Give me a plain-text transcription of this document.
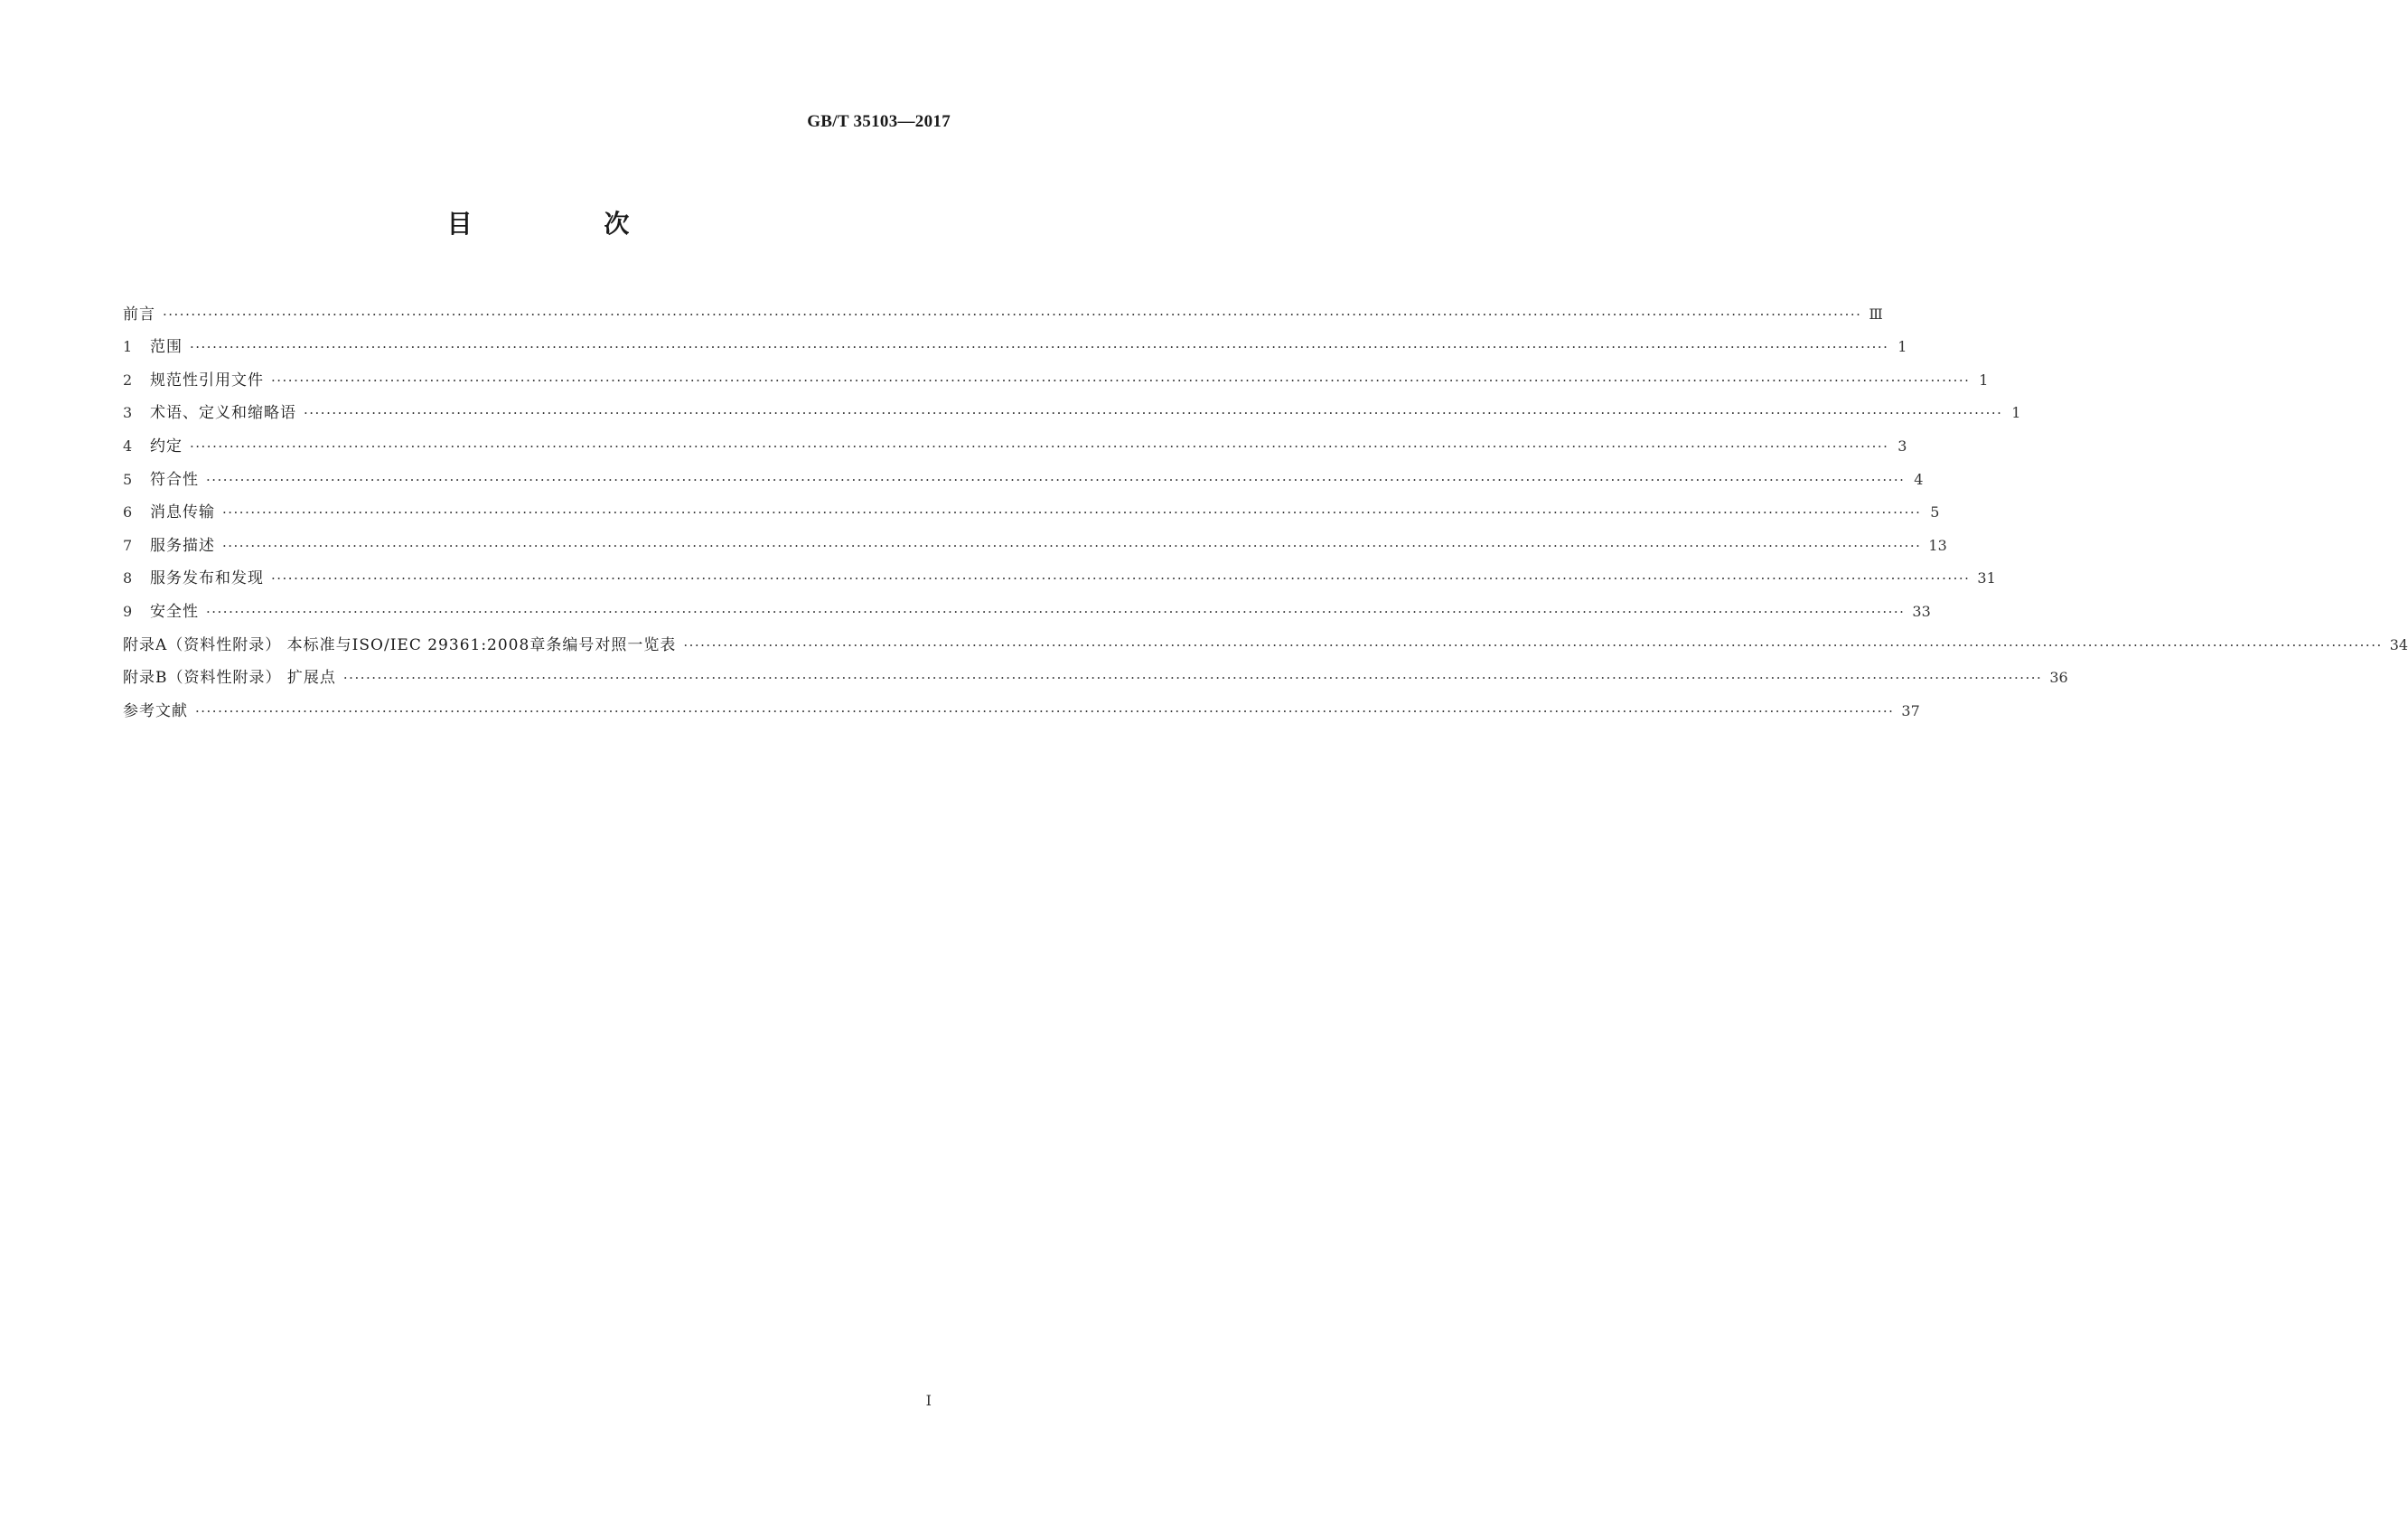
GB/T 35103—2017
目 次
前言 ············································································································································································································································································································ Ⅲ
1 范围 ············································································································································································································································································································ 1
2 规范性引用文件 ············································································································································································································································································································ 1
3 术语、定义和缩略语 ············································································································································································································································································································ 1
4 约定 ············································································································································································································································································································ 3
5 符合性 ············································································································································································································································································································ 4
6 消息传输 ············································································································································································································································································································ 5
7 服务描述 ············································································································································································································································································································ 13
8 服务发布和发现 ············································································································································································································································································································ 31
9 安全性 ············································································································································································································································································································ 33
附录A（资料性附录） 本标准与ISO/IEC 29361:2008章条编号对照一览表 ············································································································································································································································································································ 34
附录B（资料性附录） 扩展点 ············································································································································································································································································································ 36
参考文献 ············································································································································································································································································································ 37
I
